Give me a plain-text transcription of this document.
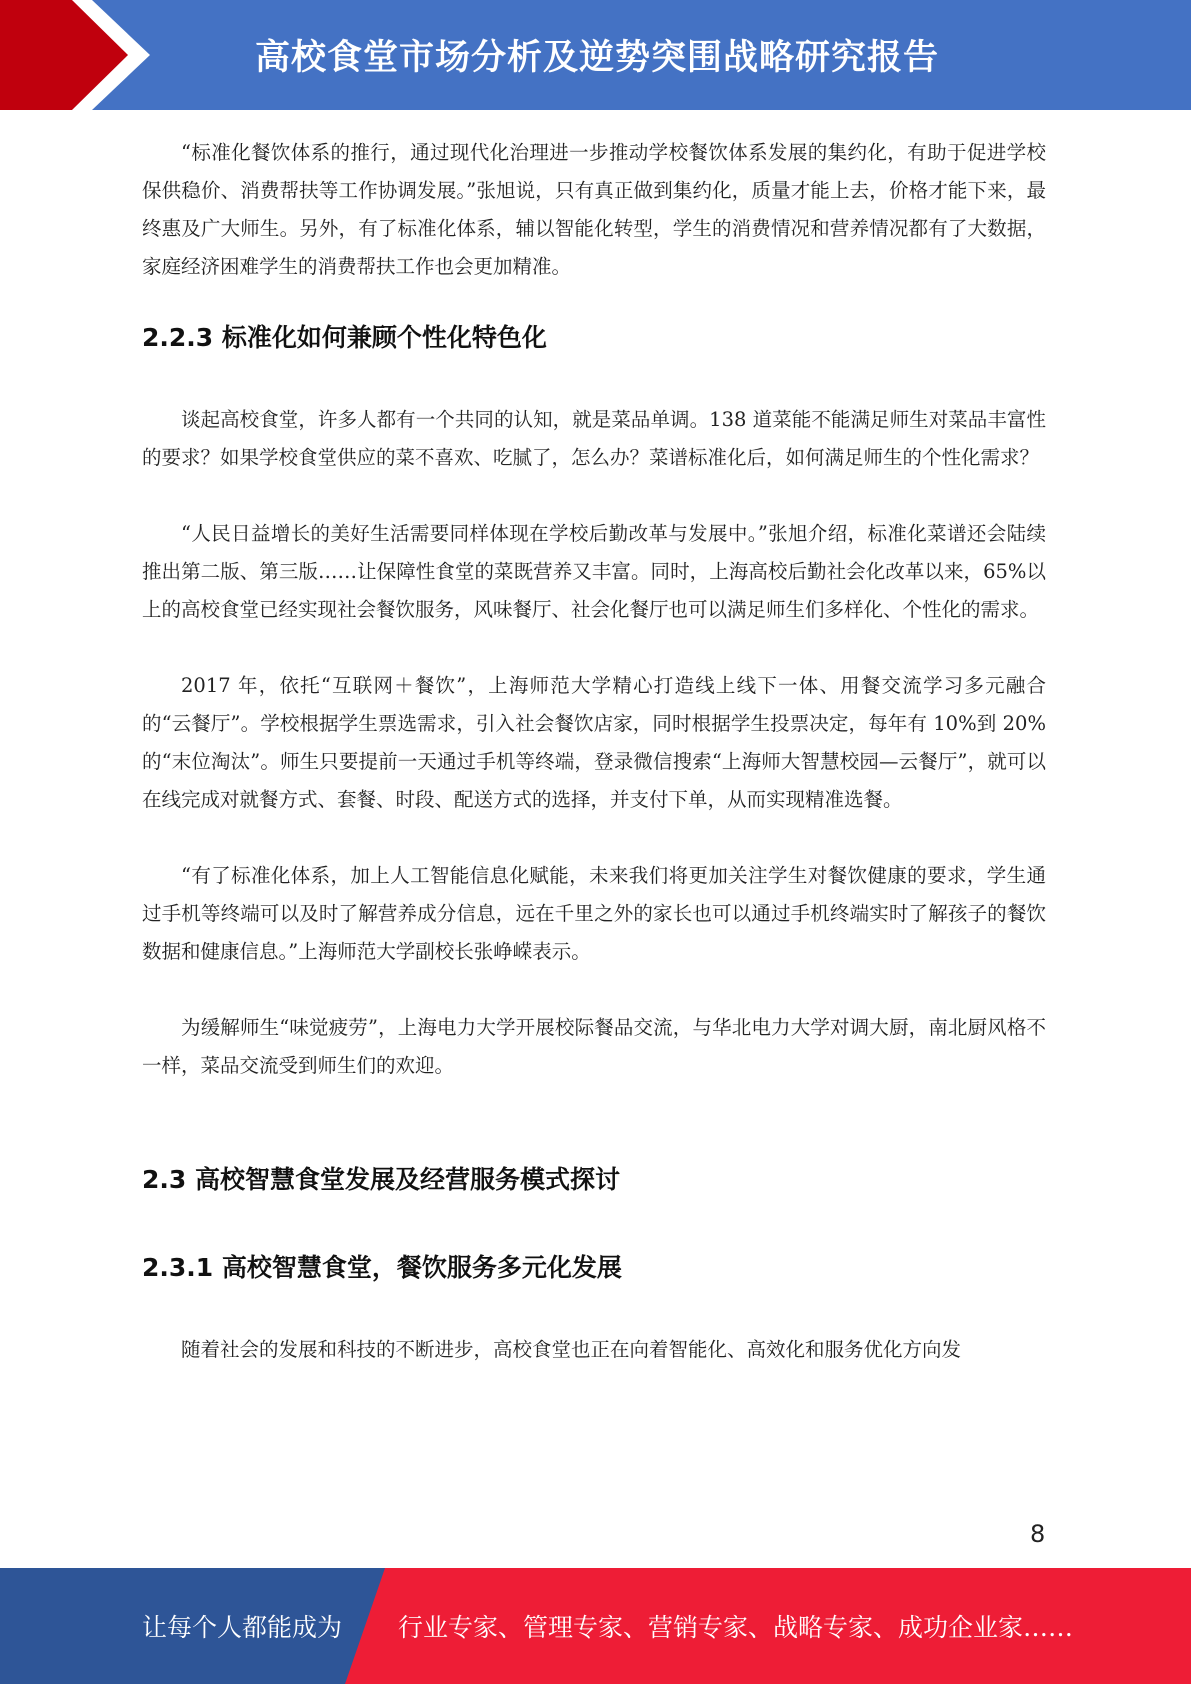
高校食堂市场分析及逆势突围战略研究报告

“标准化餐饮体系的推行，通过现代化治理进一步推动学校餐饮体系发展的集约化，有助于促进学校保供稳价、消费帮扶等工作协调发展。”张旭说，只有真正做到集约化，质量才能上去，价格才能下来，最终惠及广大师生。另外，有了标准化体系，辅以智能化转型，学生的消费情况和营养情况都有了大数据，家庭经济困难学生的消费帮扶工作也会更加精准。

2.2.3 标准化如何兼顾个性化特色化

谈起高校食堂，许多人都有一个共同的认知，就是菜品单调。138 道菜能不能满足师生对菜品丰富性的要求？如果学校食堂供应的菜不喜欢、吃腻了，怎么办？菜谱标准化后，如何满足师生的个性化需求？

“人民日益增长的美好生活需要同样体现在学校后勤改革与发展中。”张旭介绍，标准化菜谱还会陆续推出第二版、第三版……让保障性食堂的菜既营养又丰富。同时，上海高校后勤社会化改革以来，65%以上的高校食堂已经实现社会餐饮服务，风味餐厅、社会化餐厅也可以满足师生们多样化、个性化的需求。

2017 年，依托“互联网＋餐饮”，上海师范大学精心打造线上线下一体、用餐交流学习多元融合的“云餐厅”。学校根据学生票选需求，引入社会餐饮店家，同时根据学生投票决定，每年有 10%到 20%的“末位淘汰”。师生只要提前一天通过手机等终端，登录微信搜索“上海师大智慧校园—云餐厅”，就可以在线完成对就餐方式、套餐、时段、配送方式的选择，并支付下单，从而实现精准选餐。

“有了标准化体系，加上人工智能信息化赋能，未来我们将更加关注学生对餐饮健康的要求，学生通过手机等终端可以及时了解营养成分信息，远在千里之外的家长也可以通过手机终端实时了解孩子的餐饮数据和健康信息。”上海师范大学副校长张峥嵘表示。

为缓解师生“味觉疲劳”，上海电力大学开展校际餐品交流，与华北电力大学对调大厨，南北厨风格不一样，菜品交流受到师生们的欢迎。

2.3 高校智慧食堂发展及经营服务模式探讨
2.3.1 高校智慧食堂，餐饮服务多元化发展

随着社会的发展和科技的不断进步，高校食堂也正在向着智能化、高效化和服务优化方向发

8
让每个人都能成为 行业专家、管理专家、营销专家、战略专家、成功企业家……
